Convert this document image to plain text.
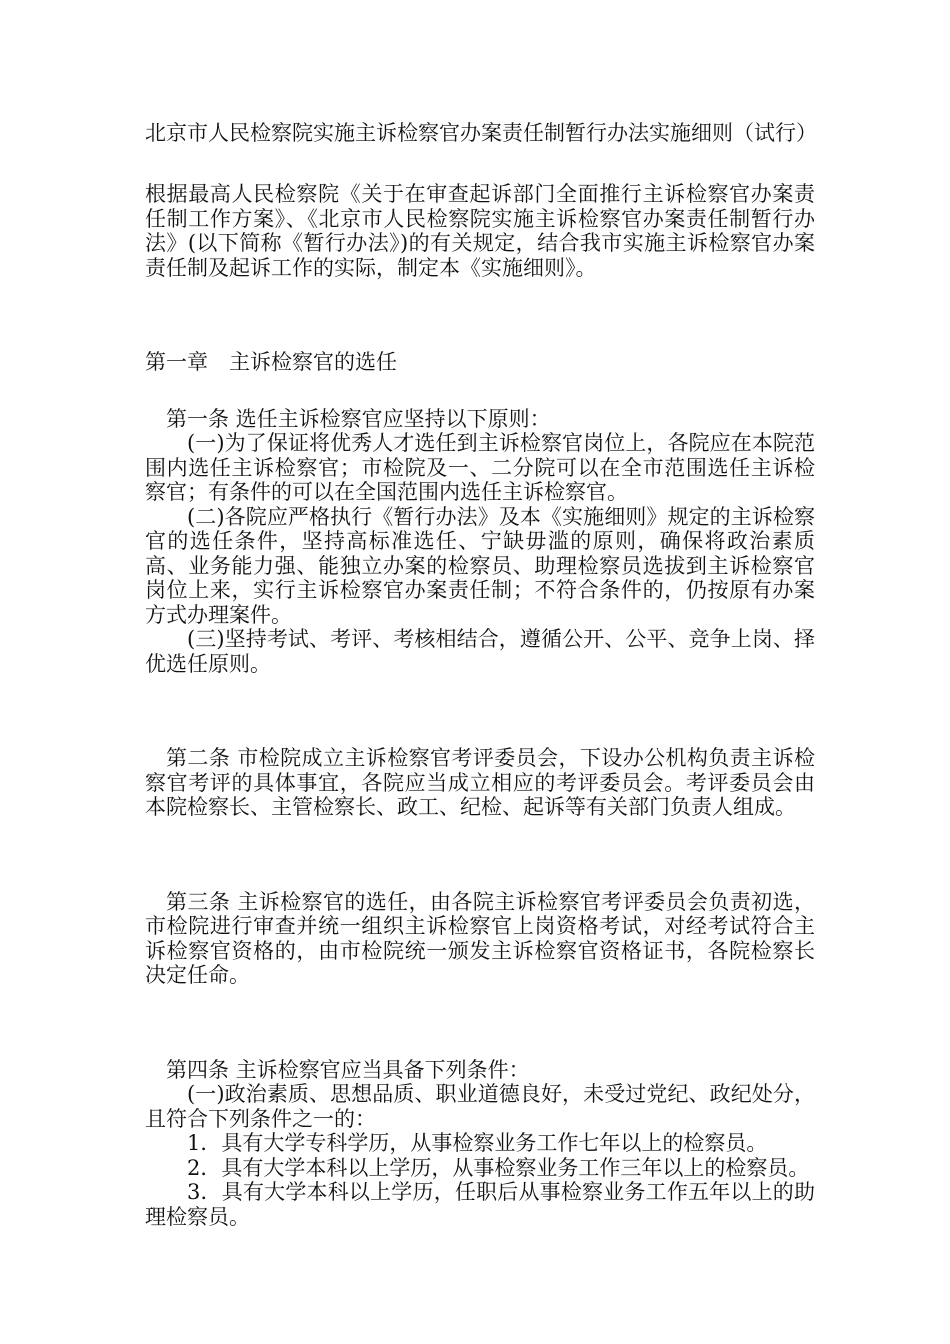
北京市人民检察院实施主诉检察官办案责任制暂行办法实施细则（试行）

根据最高人民检察院《关于在审查起诉部门全面推行主诉检察官办案责任制工作方案》、《北京市人民检察院实施主诉检察官办案责任制暂行办法》(以下简称《暂行办法》)的有关规定，结合我市实施主诉检察官办案责任制及起诉工作的实际，制定本《实施细则》。

第一章　主诉检察官的选任

第一条 选任主诉检察官应坚持以下原则：

(一)为了保证将优秀人才选任到主诉检察官岗位上，各院应在本院范围内选任主诉检察官；市检院及一、二分院可以在全市范围选任主诉检察官；有条件的可以在全国范围内选任主诉检察官。

(二)各院应严格执行《暂行办法》及本《实施细则》规定的主诉检察官的选任条件，坚持高标准选任、宁缺毋滥的原则，确保将政治素质高、业务能力强、能独立办案的检察员、助理检察员选拔到主诉检察官岗位上来，实行主诉检察官办案责任制；不符合条件的，仍按原有办案方式办理案件。

(三)坚持考试、考评、考核相结合，遵循公开、公平、竞争上岗、择优选任原则。

第二条 市检院成立主诉检察官考评委员会，下设办公机构负责主诉检察官考评的具体事宜，各院应当成立相应的考评委员会。考评委员会由本院检察长、主管检察长、政工、纪检、起诉等有关部门负责人组成。

第三条 主诉检察官的选任，由各院主诉检察官考评委员会负责初选，市检院进行审查并统一组织主诉检察官上岗资格考试，对经考试符合主诉检察官资格的，由市检院统一颁发主诉检察官资格证书，各院检察长决定任命。

第四条 主诉检察官应当具备下列条件：

(一)政治素质、思想品质、职业道德良好，未受过党纪、政纪处分，且符合下列条件之一的：

1．具有大学专科学历，从事检察业务工作七年以上的检察员。

2．具有大学本科以上学历，从事检察业务工作三年以上的检察员。

3．具有大学本科以上学历，任职后从事检察业务工作五年以上的助理检察员。
